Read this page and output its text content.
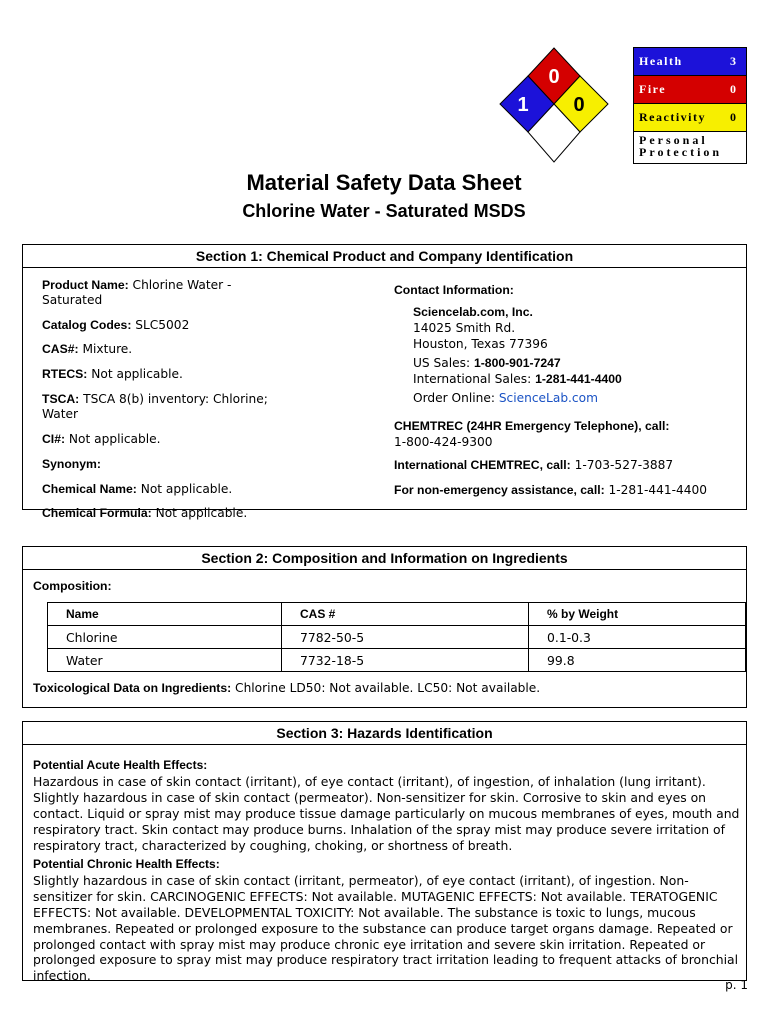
0
1 0
Health	3
Fire	0
Reactivity	0
Personal Protection
Material Safety Data Sheet
Chlorine Water - Saturated MSDS
Section 1: Chemical Product and Company Identification
Product Name: Chlorine Water -
Saturated
Catalog Codes: SLC5002
CAS#: Mixture.
RTECS: Not applicable.
TSCA: TSCA 8(b) inventory: Chlorine;
Water
CI#: Not applicable.
Synonym:
Chemical Name: Not applicable.
Contact Information:
Sciencelab.com, Inc.
14025 Smith Rd.
Houston, Texas 77396
US Sales: 1-800-901-7247
International Sales: 1-281-441-4400
Order Online: ScienceLab.com
CHEMTREC (24HR Emergency Telephone), call:
1-800-424-9300
International CHEMTREC, call: 1-703-527-3887
For non-emergency assistance, call: 1-281-441-4400
Chemical Formula: Not applicable.
Section 2: Composition and Information on Ingredients
Composition:
Name	CAS #	% by Weight
Chlorine	7782-50-5	0.1-0.3
Water	7732-18-5	99.8
Toxicological Data on Ingredients: Chlorine LD50: Not available. LC50: Not available.
Section 3: Hazards Identification
Potential Acute Health Effects:
Hazardous in case of skin contact (irritant), of eye contact (irritant), of ingestion, of inhalation (lung irritant). Slightly hazardous in case of skin contact (permeator). Non-sensitizer for skin. Corrosive to skin and eyes on contact. Liquid or spray mist may produce tissue damage particularly on mucous membranes of eyes, mouth and respiratory tract. Skin contact may produce burns. Inhalation of the spray mist may produce severe irritation of respiratory tract, characterized by coughing, choking, or shortness of breath.
Potential Chronic Health Effects:
Slightly hazardous in case of skin contact (irritant, permeator), of eye contact (irritant), of ingestion. Non-sensitizer for skin. CARCINOGENIC EFFECTS: Not available. MUTAGENIC EFFECTS: Not available. TERATOGENIC EFFECTS: Not available. DEVELOPMENTAL TOXICITY: Not available. The substance is toxic to lungs, mucous membranes. Repeated or prolonged exposure to the substance can produce target organs damage. Repeated or prolonged contact with spray mist may produce chronic eye irritation and severe skin irritation. Repeated or prolonged exposure to spray mist may produce respiratory tract irritation leading to frequent attacks of bronchial infection.
p. 1
